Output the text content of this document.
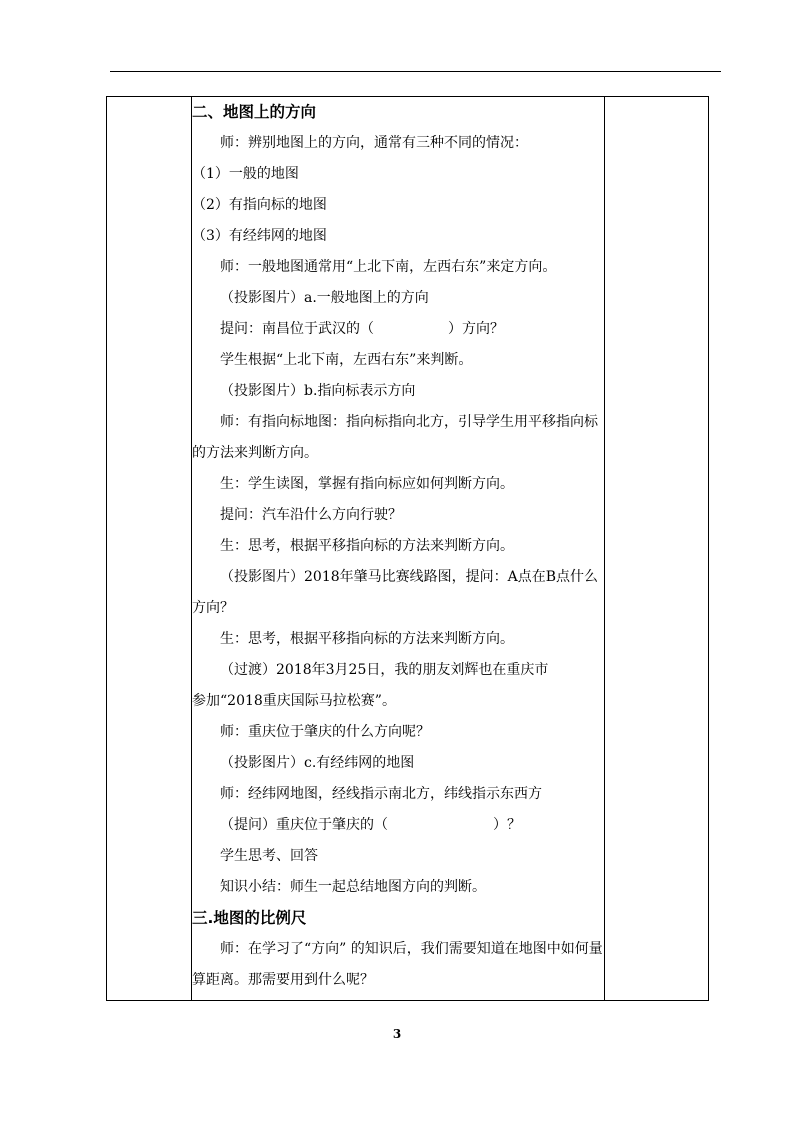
二、地图上的方向

师：辨别地图上的方向，通常有三种不同的情况：

（1）一般的地图

（2）有指向标的地图

（3）有经纬网的地图

师：一般地图通常用“上北下南，左西右东”来定方向。

（投影图片）a.一般地图上的方向

提问：南昌位于武汉的（	）方向？

学生根据“上北下南，左西右东”来判断。

（投影图片）b.指向标表示方向

师：有指向标地图：指向标指向北方，引导学生用平移指向标的方法来判断方向。

生：学生读图，掌握有指向标应如何判断方向。

提问：汽车沿什么方向行驶？

生：思考，根据平移指向标的方法来判断方向。

（投影图片）2018年肇马比赛线路图，提问：A点在B点什么方向？

生：思考，根据平移指向标的方法来判断方向。

（过渡）2018年3月25日，我的朋友刘辉也在重庆市

参加“2018重庆国际马拉松赛”。

师：重庆位于肇庆的什么方向呢？

（投影图片）c.有经纬网的地图

师：经纬网地图，经线指示南北方，纬线指示东西方

（提问）重庆位于肇庆的（	）？

学生思考、回答

知识小结：师生一起总结地图方向的判断。

三.地图的比例尺

师：在学习了“方向” 的知识后，我们需要知道在地图中如何量算距离。那需要用到什么呢？

3
